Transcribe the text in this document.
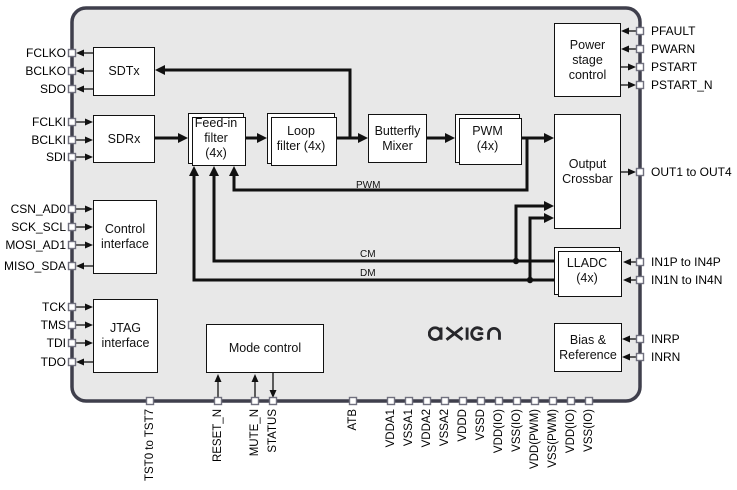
SDTx
SDRx
Control
interface
JTAG
interface
Feed-in
filter
(4x)
Loop
filter (4x)
Butterfly
Mixer
PWM
(4x)
Output
Crossbar
Power
stage
control
LLADC
(4x)
Bias &
Reference
Mode control
PWM
CM
DM
FCLKO
BCLKO
SDO
FCLKI
BCLKI
SDI
CSN_AD0
SCK_SCL
MOSI_AD1
MISO_SDA
TCK
TMS
TDI
TDO
PFAULT
PWARN
PSTART
PSTART_N
OUT1 to OUT4
IN1P to IN4P
IN1N to IN4N
INRP
INRN
TST0 to TST7	RESET_N MUTE_N STATUS	ATB VDDA1 VSSA1 VDDA2 VSSA2 VDDD VSSD VDD(IO) VSS(IO) VDD(PWM) VSS(PWM) VDD(IO) VSS(IO)
